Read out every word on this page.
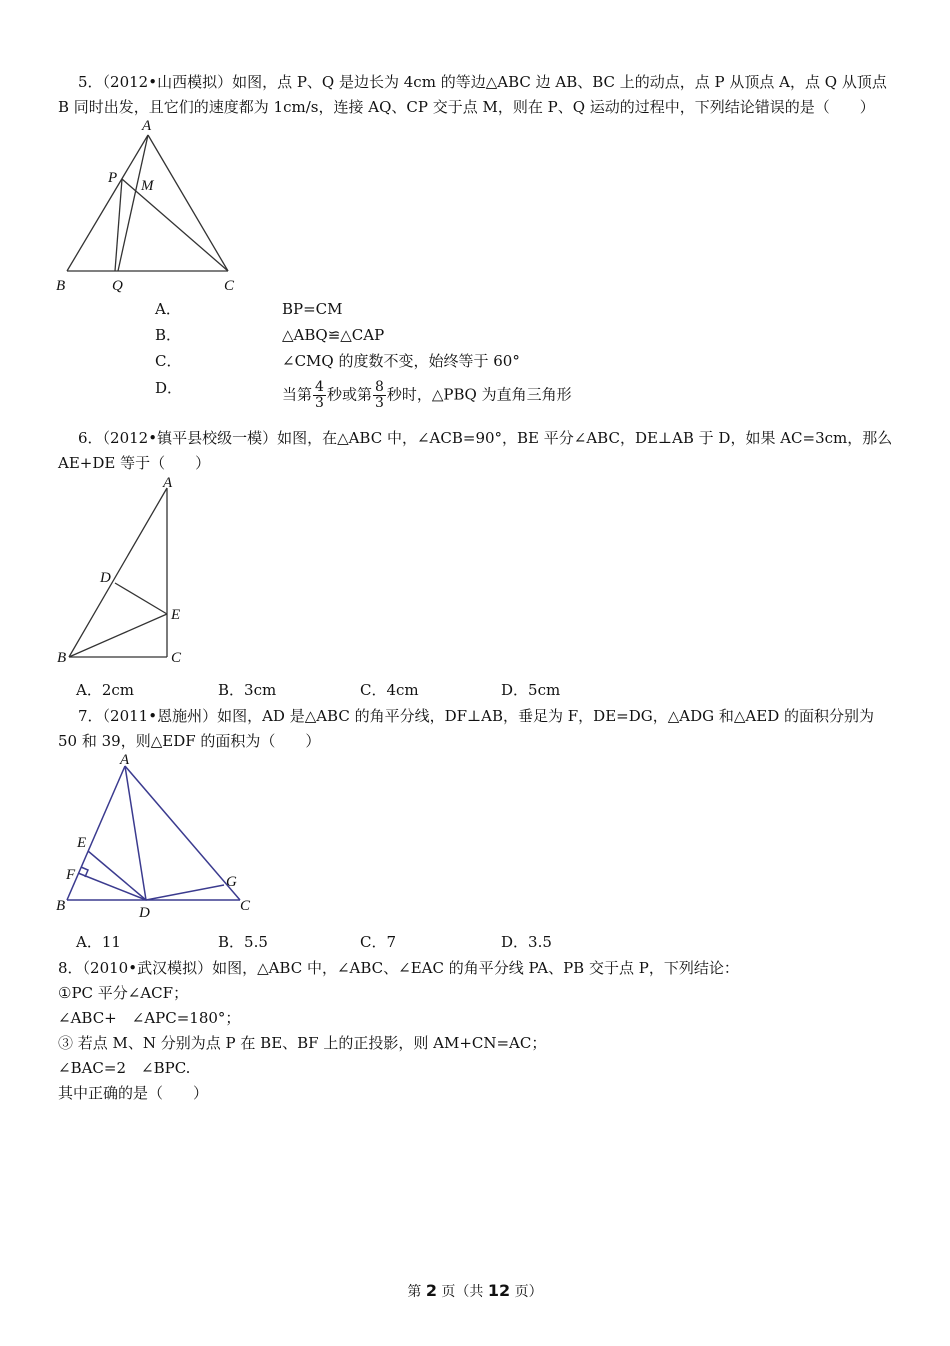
5．（2012•山西模拟）如图，点 P、Q 是边长为 4cm 的等边△ABC 边 AB、BC 上的动点，点 P 从顶点 A，点 Q 从顶点
B 同时出发，且它们的速度都为 1cm/s，连接 AQ、CP 交于点 M，则在 P、Q 运动的过程中，下列结论错误的是（　　）
A
P M
B	Q	C
A．	BP=CM
B．	△ABQ≌△CAP
C．	∠CMQ 的度数不变，始终等于 60°
D．	当第 $\frac{4}{3}$ 秒或第 $\frac{8}{3}$ 秒时，△PBQ 为直角三角形
6．（2012•镇平县校级一模）如图，在△ABC 中，∠ACB=90°，BE 平分∠ABC，DE⊥AB 于 D，如果 AC=3cm，那么
AE+DE 等于（　　）
A
D
E
B	C
A．2cm	B．3cm	C．4cm	D．5cm
7．（2011•恩施州）如图，AD 是△ABC 的角平分线，DF⊥AB，垂足为 F，DE=DG，△ADG 和△AED 的面积分别为
50 和 39，则△EDF 的面积为（　　）
A
E
F	G
B	D	C
A．11	B．5.5	C．7	D．3.5
8．（2010•武汉模拟）如图，△ABC 中，∠ABC、∠EAC 的角平分线 PA、PB 交于点 P，下列结论：
①PC 平分∠ACF；
∠ABC+　∠APC=180°；
③ 若点 M、N 分别为点 P 在 BE、BF 上的正投影，则 AM+CN=AC；
∠BAC=2　∠BPC.
其中正确的是（　　）
第 2 页（共 12 页）
